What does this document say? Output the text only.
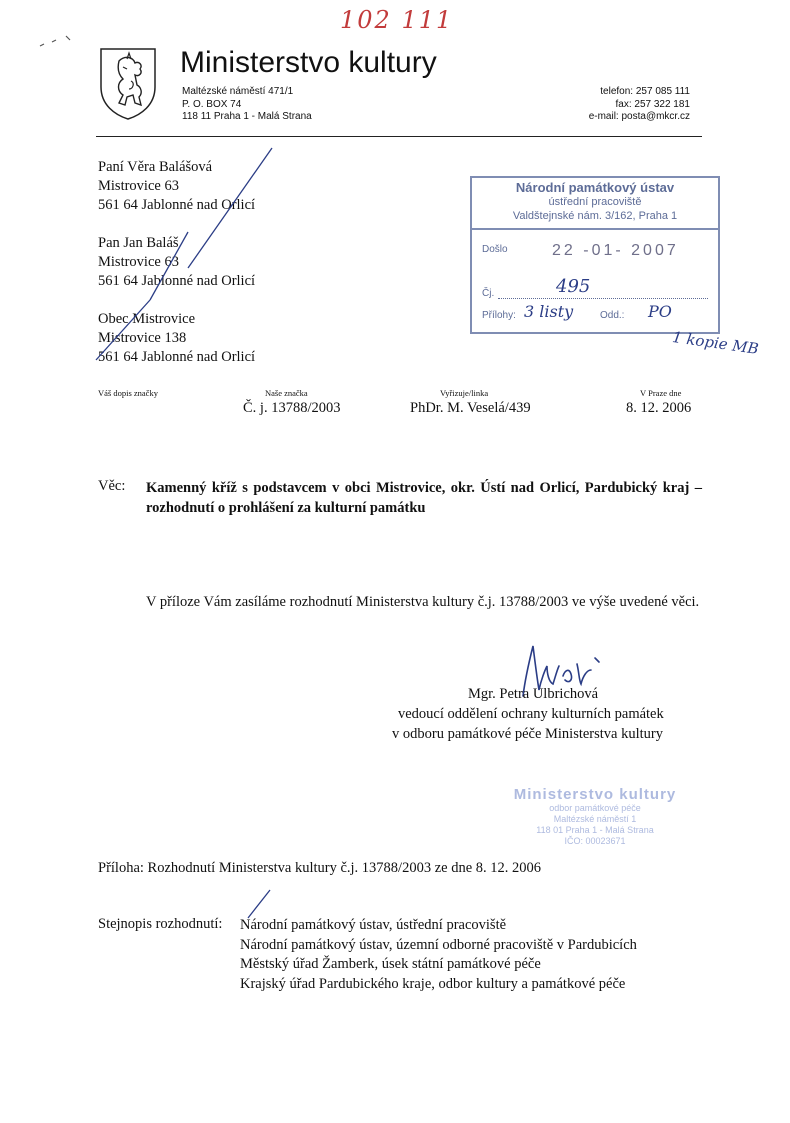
102 111
Ministerstvo kultury
Maltézské náměstí 471/1
P. O. BOX 74
118 11 Praha 1 - Malá Strana
telefon: 257 085 111
fax: 257 322 181
e-mail: posta@mkcr.cz
Paní Věra Balášová
Mistrovice 63
561 64 Jablonné nad Orlicí
Pan Jan Baláš
Mistrovice 63
561 64 Jablonné nad Orlicí
Obec Mistrovice
Mistrovice 138
561 64 Jablonné nad Orlicí
Národní památkový ústav
ústřední pracoviště
Valdštejnské nám. 3/162, Praha 1
Došlo	22 -01- 2007
Čj.	495
Přílohy: 3 listy	Odd.: PO
1 kopie MB
Váš dopis značky	Naše značka	Vyřizuje/linka	V Praze dne
Č. j. 13788/2003	PhDr. M. Veselá/439	8. 12. 2006
Věc: Kamenný kříž s podstavcem v obci Mistrovice, okr. Ústí nad Orlicí, Pardubický kraj – rozhodnutí o prohlášení za kulturní památku
V příloze Vám zasíláme rozhodnutí Ministerstva kultury č.j. 13788/2003 ve výše uvedené věci.
Mgr. Petra Ulbrichová
vedoucí oddělení ochrany kulturních památek
v odboru památkové péče Ministerstva kultury
Ministerstvo kultury
odbor památkové péče
Maltézské náměstí 1
118 01 Praha 1 - Malá Strana
IČO: 00023671
Příloha: Rozhodnutí Ministerstva kultury č.j. 13788/2003 ze dne 8. 12. 2006
Stejnopis rozhodnutí: Národní památkový ústav, ústřední pracoviště
Národní památkový ústav, územní odborné pracoviště v Pardubicích
Městský úřad Žamberk, úsek státní památkové péče
Krajský úřad Pardubického kraje, odbor kultury a památkové péče
